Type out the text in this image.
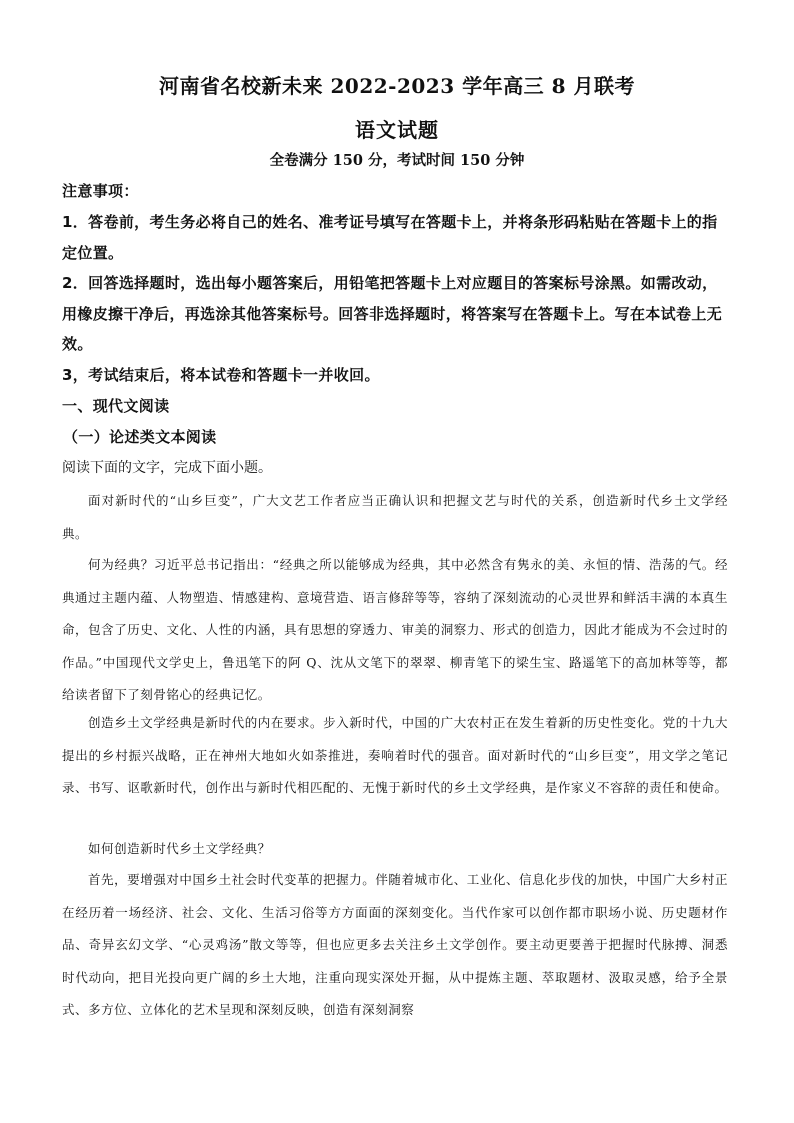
河南省名校新未来 2022-2023 学年高三 8 月联考
语文试题
全卷满分 150 分，考试时间 150 分钟
注意事项：
1．答卷前，考生务必将自己的姓名、准考证号填写在答题卡上，并将条形码粘贴在答题卡上的指定位置。
2．回答选择题时，选出每小题答案后，用铅笔把答题卡上对应题目的答案标号涂黑。如需改动，用橡皮擦干净后，再选涂其他答案标号。回答非选择题时，将答案写在答题卡上。写在本试卷上无效。
3，考试结束后，将本试卷和答题卡一并收回。
一、现代文阅读
（一）论述类文本阅读
阅读下面的文字，完成下面小题。
面对新时代的“山乡巨变”，广大文艺工作者应当正确认识和把握文艺与时代的关系，创造新时代乡土文学经典。
何为经典？习近平总书记指出：“经典之所以能够成为经典，其中必然含有隽永的美、永恒的情、浩荡的气。经典通过主题内蕴、人物塑造、情感建构、意境营造、语言修辞等等，容纳了深刻流动的心灵世界和鲜活丰满的本真生命，包含了历史、文化、人性的内涵，具有思想的穿透力、审美的洞察力、形式的创造力，因此才能成为不会过时的作品。”中国现代文学史上，鲁迅笔下的阿 Q、沈从文笔下的翠翠、柳青笔下的梁生宝、路遥笔下的高加林等等，都给读者留下了刻骨铭心的经典记忆。
创造乡土文学经典是新时代的内在要求。步入新时代，中国的广大农村正在发生着新的历史性变化。党的十九大提出的乡村振兴战略，正在神州大地如火如荼推进，奏响着时代的强音。面对新时代的“山乡巨变”，用文学之笔记录、书写、讴歌新时代，创作出与新时代相匹配的、无愧于新时代的乡土文学经典，是作家义不容辞的责任和使命。
如何创造新时代乡土文学经典？
首先，要增强对中国乡土社会时代变革的把握力。伴随着城市化、工业化、信息化步伐的加快，中国广大乡村正在经历着一场经济、社会、文化、生活习俗等方方面面的深刻变化。当代作家可以创作都市职场小说、历史题材作品、奇异玄幻文学、“心灵鸡汤”散文等等，但也应更多去关注乡土文学创作。要主动更要善于把握时代脉搏、洞悉时代动向，把目光投向更广阔的乡土大地，注重向现实深处开掘，从中提炼主题、萃取题材、汲取灵感，给予全景式、多方位、立体化的艺术呈现和深刻反映，创造有深刻洞察
